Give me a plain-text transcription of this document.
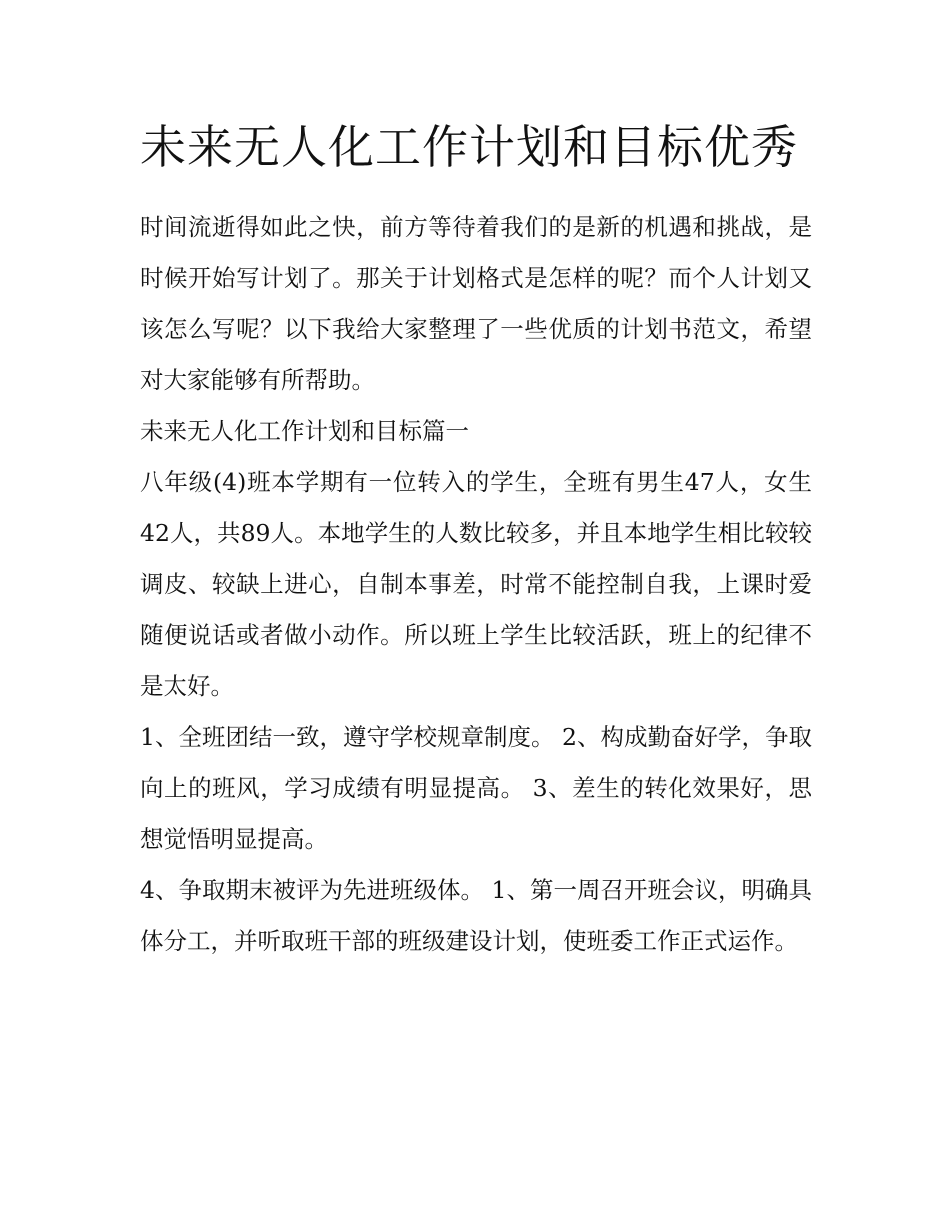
未来无人化工作计划和目标优秀

时间流逝得如此之快，前方等待着我们的是新的机遇和挑战，是时候开始写计划了。那关于计划格式是怎样的呢？而个人计划又该怎么写呢？以下我给大家整理了一些优质的计划书范文，希望对大家能够有所帮助。

未来无人化工作计划和目标篇一

八年级(4)班本学期有一位转入的学生，全班有男生47人，女生42人，共89人。本地学生的人数比较多，并且本地学生相比较较调皮、较缺上进心，自制本事差，时常不能控制自我，上课时爱随便说话或者做小动作。所以班上学生比较活跃，班上的纪律不是太好。

1、全班团结一致，遵守学校规章制度。 2、构成勤奋好学，争取向上的班风，学习成绩有明显提高。 3、差生的转化效果好，思想觉悟明显提高。

4、争取期末被评为先进班级体。 1、第一周召开班会议，明确具体分工，并听取班干部的班级建设计划，使班委工作正式运作。
